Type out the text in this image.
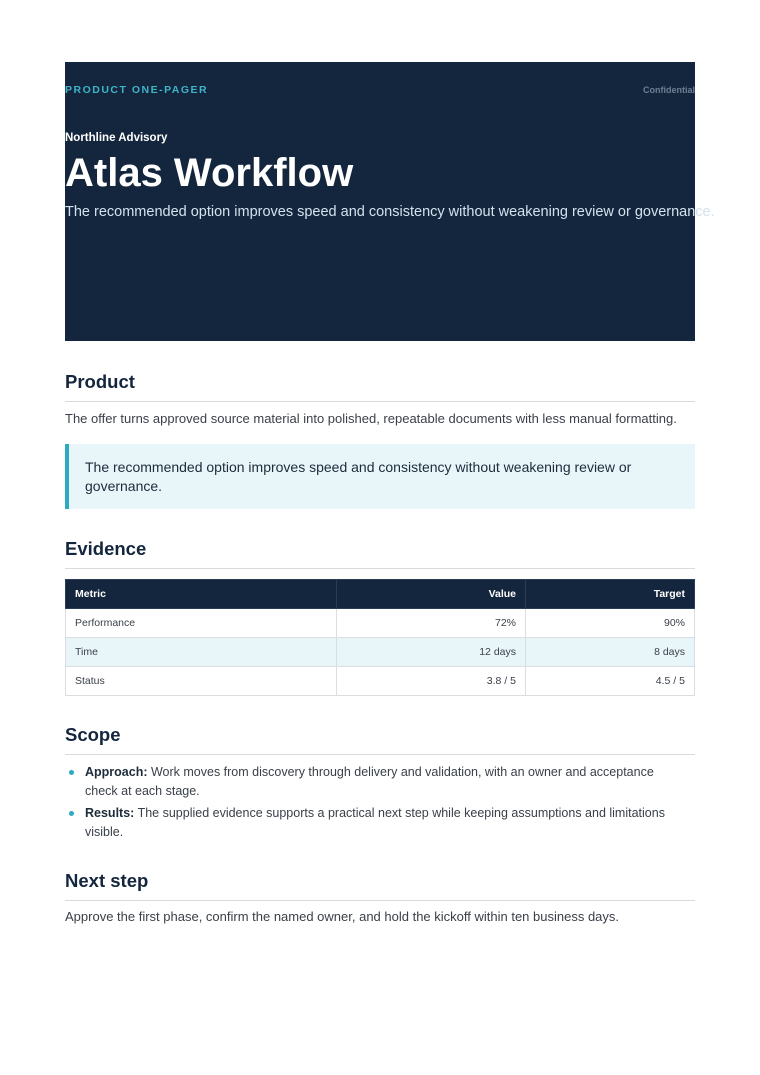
PRODUCT ONE-PAGER	Confidential
Northline Advisory
Atlas Workflow
The recommended option improves speed and consistency without weakening review or governance.
Product
The offer turns approved source material into polished, repeatable documents with less manual formatting.
The recommended option improves speed and consistency without weakening review or governance.
Evidence
Metric	Value	Target
Performance	72%	90%
Time	12 days	8 days
Status	3.8 / 5	4.5 / 5
Scope
Approach: Work moves from discovery through delivery and validation, with an owner and acceptance check at each stage.
Results: The supplied evidence supports a practical next step while keeping assumptions and limitations visible.
Next step
Approve the first phase, confirm the named owner, and hold the kickoff within ten business days.
